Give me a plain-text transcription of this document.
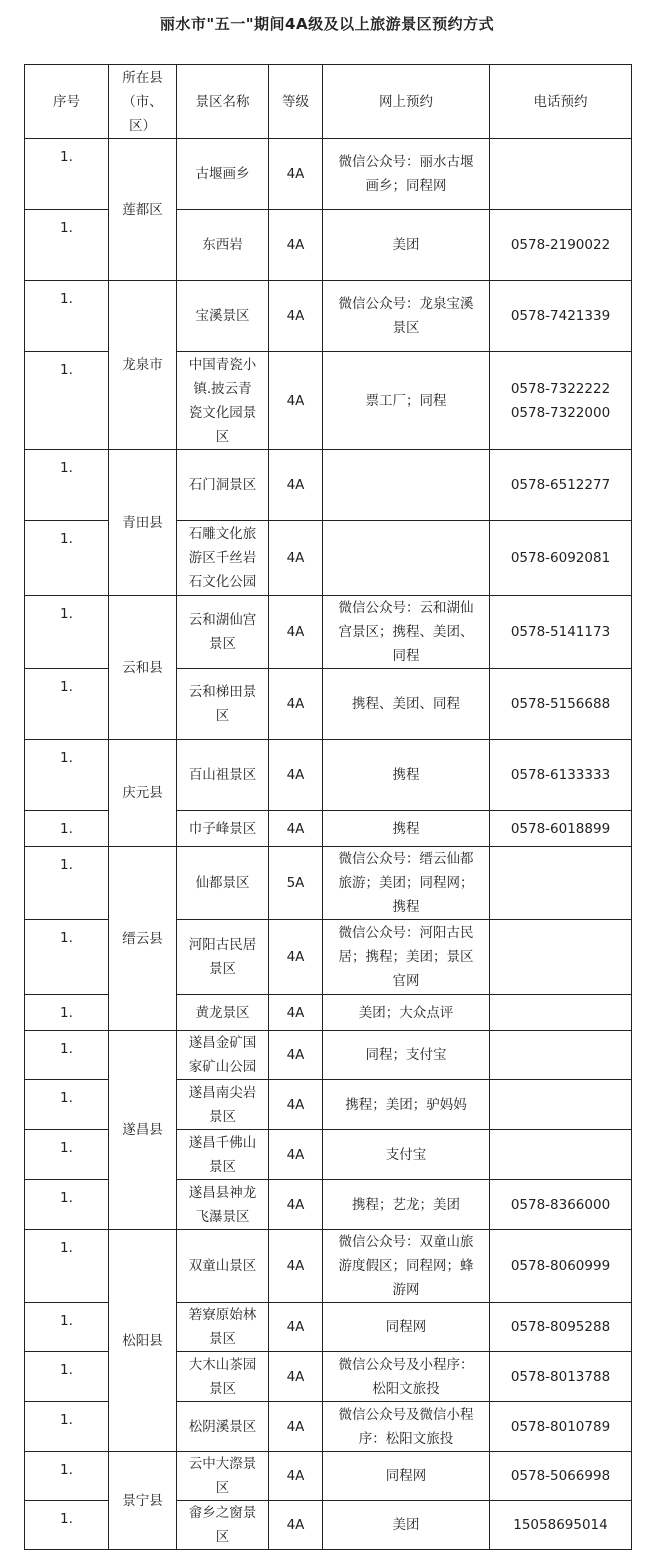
丽水市"五一"期间4A级及以上旅游景区预约方式
序号	所在县
（市、
区）	景区名称	等级	网上预约	电话预约
1.	莲都区	古堰画乡	4A	微信公众号：丽水古堰
画乡；同程网	
1.		东西岩	4A	美团	0578-2190022
1.	龙泉市	宝溪景区	4A	微信公众号：龙泉宝溪
景区	0578-7421339
1.		中国青瓷小
镇.披云青
瓷文化园景
区	4A	票工厂；同程	0578-7322222
0578-7322000
1.	青田县	石门洞景区	4A		0578-6512277
1.		石雕文化旅
游区千丝岩
石文化公园	4A		0578-6092081
1.	云和县	云和湖仙宫
景区	4A	微信公众号：云和湖仙
宫景区；携程、美团、
同程	0578-5141173
1.		云和梯田景
区	4A	携程、美团、同程	0578-5156688
1.	庆元县	百山祖景区	4A	携程	0578-6133333
1.		巾子峰景区	4A	携程	0578-6018899
1.	缙云县	仙都景区	5A	微信公众号：缙云仙都
旅游；美团；同程网；
携程	
1.		河阳古民居
景区	4A	微信公众号：河阳古民
居；携程；美团；景区
官网	
1.		黄龙景区	4A	美团；大众点评	
1.	遂昌县	遂昌金矿国
家矿山公园	4A	同程；支付宝	
1.		遂昌南尖岩
景区	4A	携程；美团；驴妈妈	
1.		遂昌千佛山
景区	4A	支付宝	
1.		遂昌县神龙
飞瀑景区	4A	携程；艺龙；美团	0578-8366000
1.	松阳县	双童山景区	4A	微信公众号：双童山旅
游度假区；同程网；蜂
游网	0578-8060999
1.		箬寮原始林
景区	4A	同程网	0578-8095288
1.		大木山茶园
景区	4A	微信公众号及小程序：
松阳文旅投	0578-8013788
1.		松阴溪景区	4A	微信公众号及微信小程
序：松阳文旅投	0578-8010789
1.	景宁县	云中大漈景
区	4A	同程网	0578-5066998
1.		畲乡之窗景
区	4A	美团	15058695014
